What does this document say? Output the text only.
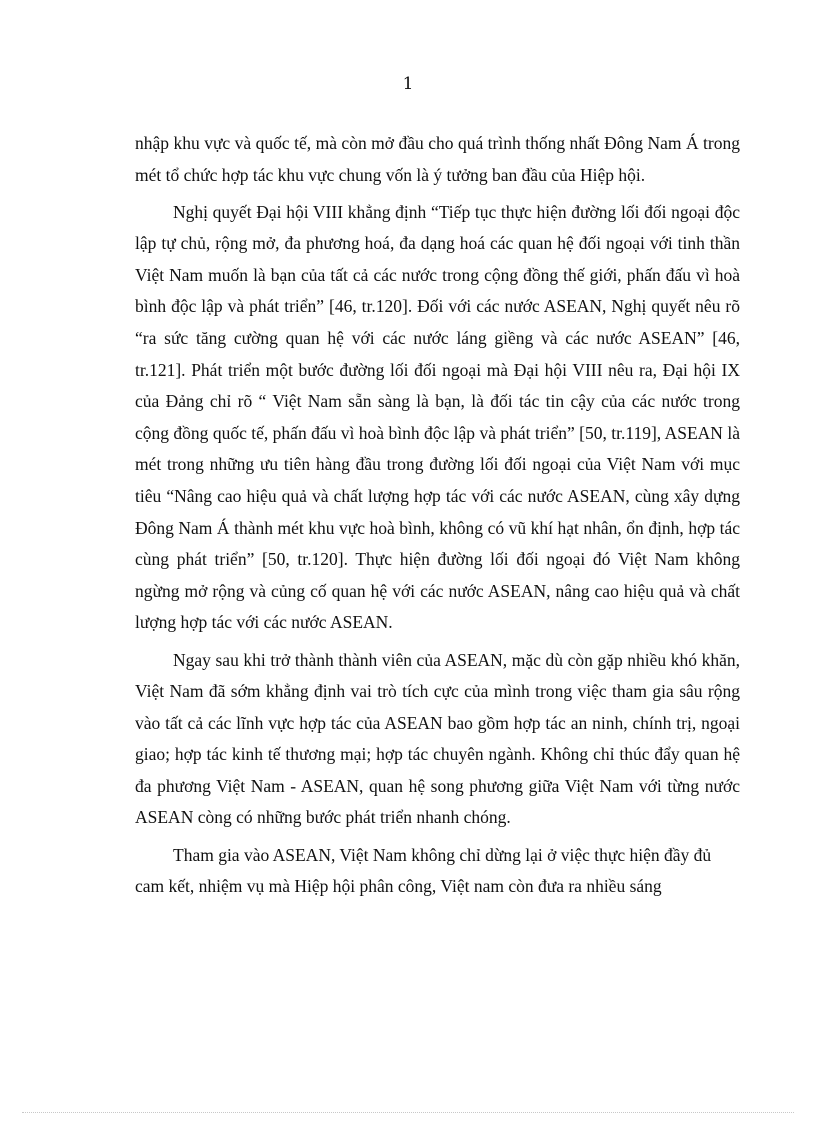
1

nhập khu vực và quốc tế, mà còn mở đầu cho quá trình thống nhất Đông Nam Á trong mét tổ chức hợp tác khu vực chung vốn là ý tưởng ban đầu của Hiệp hội.

Nghị quyết Đại hội VIII khẳng định “Tiếp tục thực hiện đường lối đối ngoại độc lập tự chủ, rộng mở, đa phương hoá, đa dạng hoá các quan hệ đối ngoại với tinh thần Việt Nam muốn là bạn của tất cả các nước trong cộng đồng thế giới, phấn đấu vì hoà bình độc lập và phát triển” [46, tr.120]. Đối với các nước ASEAN, Nghị quyết nêu rõ “ra sức tăng cường quan hệ với các nước láng giềng và các nước ASEAN” [46, tr.121]. Phát triển một bước đường lối đối ngoại mà Đại hội VIII nêu ra, Đại hội IX của Đảng chỉ rõ “ Việt Nam sẵn sàng là bạn, là đối tác tin cậy của các nước trong cộng đồng quốc tế, phấn đấu vì hoà bình độc lập và phát triển” [50, tr.119], ASEAN là mét trong những ưu tiên hàng đầu trong đường lối đối ngoại của Việt Nam với mục tiêu “Nâng cao hiệu quả và chất lượng hợp tác với các nước ASEAN, cùng xây dựng Đông Nam Á thành mét khu vực hoà bình, không có vũ khí hạt nhân, ổn định, hợp tác cùng phát triển” [50, tr.120]. Thực hiện đường lối đối ngoại đó Việt Nam không ngừng mở rộng và củng cố quan hệ với các nước ASEAN, nâng cao hiệu quả và chất lượng hợp tác với các nước ASEAN.

Ngay sau khi trở thành thành viên của ASEAN, mặc dù còn gặp nhiều khó khăn, Việt Nam đã sớm khẳng định vai trò tích cực của mình trong việc tham gia sâu rộng vào tất cả các lĩnh vực hợp tác của ASEAN bao gồm hợp tác an ninh, chính trị, ngoại giao; hợp tác kinh tế thương mại; hợp tác chuyên ngành. Không chỉ thúc đẩy quan hệ đa phương Việt Nam - ASEAN, quan hệ song phương giữa Việt Nam với từng nước ASEAN còng có những bước phát triển nhanh chóng.

Tham gia vào ASEAN, Việt Nam không chỉ dừng lại ở việc thực hiện đầy đủ cam kết, nhiệm vụ mà Hiệp hội phân công, Việt nam còn đưa ra nhiều sáng
